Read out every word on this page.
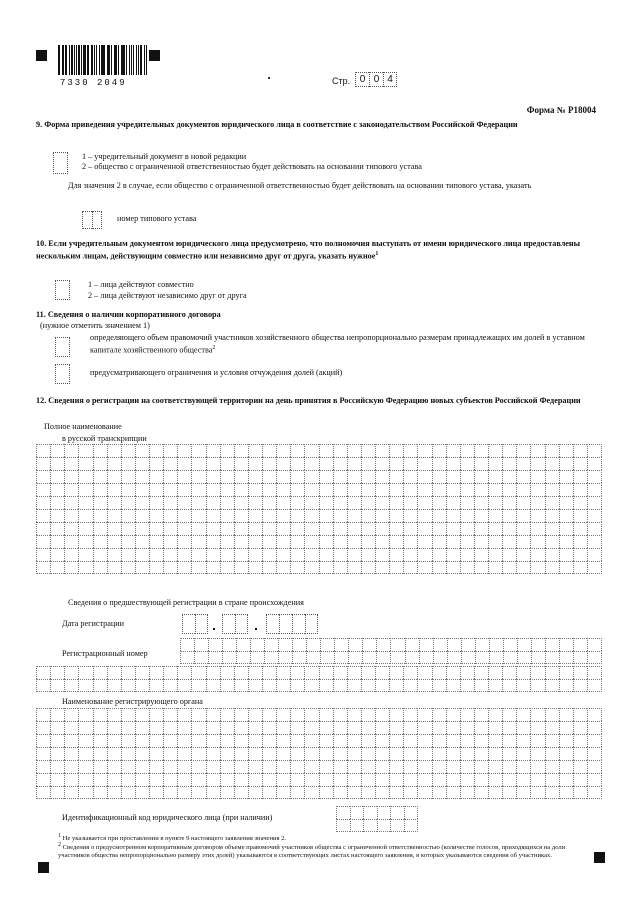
7330 2049	Стр. 0 0 4
Форма № Р18004
9. Форма приведения учредительных документов юридического лица в соответствие с законодательством Российской Федерации
1 – учредительный документ в новой редакции
2 – общество с ограниченной ответственностью будет действовать на основании типового устава
Для значения 2 в случае, если общество с ограниченной ответственностью будет действовать на основании типового устава, указать
номер типового устава
10. Если учредительным документом юридического лица предусмотрено, что полномочия выступать от имени юридического лица предоставлены нескольким лицам, действующим совместно или независимо друг от друга, указать нужное$^1$
1 – лица действуют совместно
2 – лица действуют независимо друг от друга
11. Сведения о наличии корпоративного договора
(нужное отметить значением 1)
определяющего объем правомочий участников хозяйственного общества непропорционально размерам принадлежащих им долей в уставном капитале хозяйственного общества$^2$
предусматривающего ограничения и условия отчуждения долей (акций)
12. Сведения о регистрации на соответствующей территории на день принятия в Российскую Федерацию новых субъектов Российской Федерации
Полное наименование
в русской транскрипции
Сведения о предшествующей регистрации в стране происхождения
Дата регистрации
Регистрационный номер
Наименование регистрирующего органа
Идентификационный код юридического лица (при наличии)
$^1$ Не указывается при проставлении в пункте 9 настоящего заявления значения 2.
$^2$ Сведения о предусмотренном корпоративным договором объеме правомочий участников общества с ограниченной ответственностью (количестве голосов, приходящихся на доли участников общества непропорционально размеру этих долей) указываются в соответствующих листах настоящего заявления, в которых указываются сведения об участниках.
